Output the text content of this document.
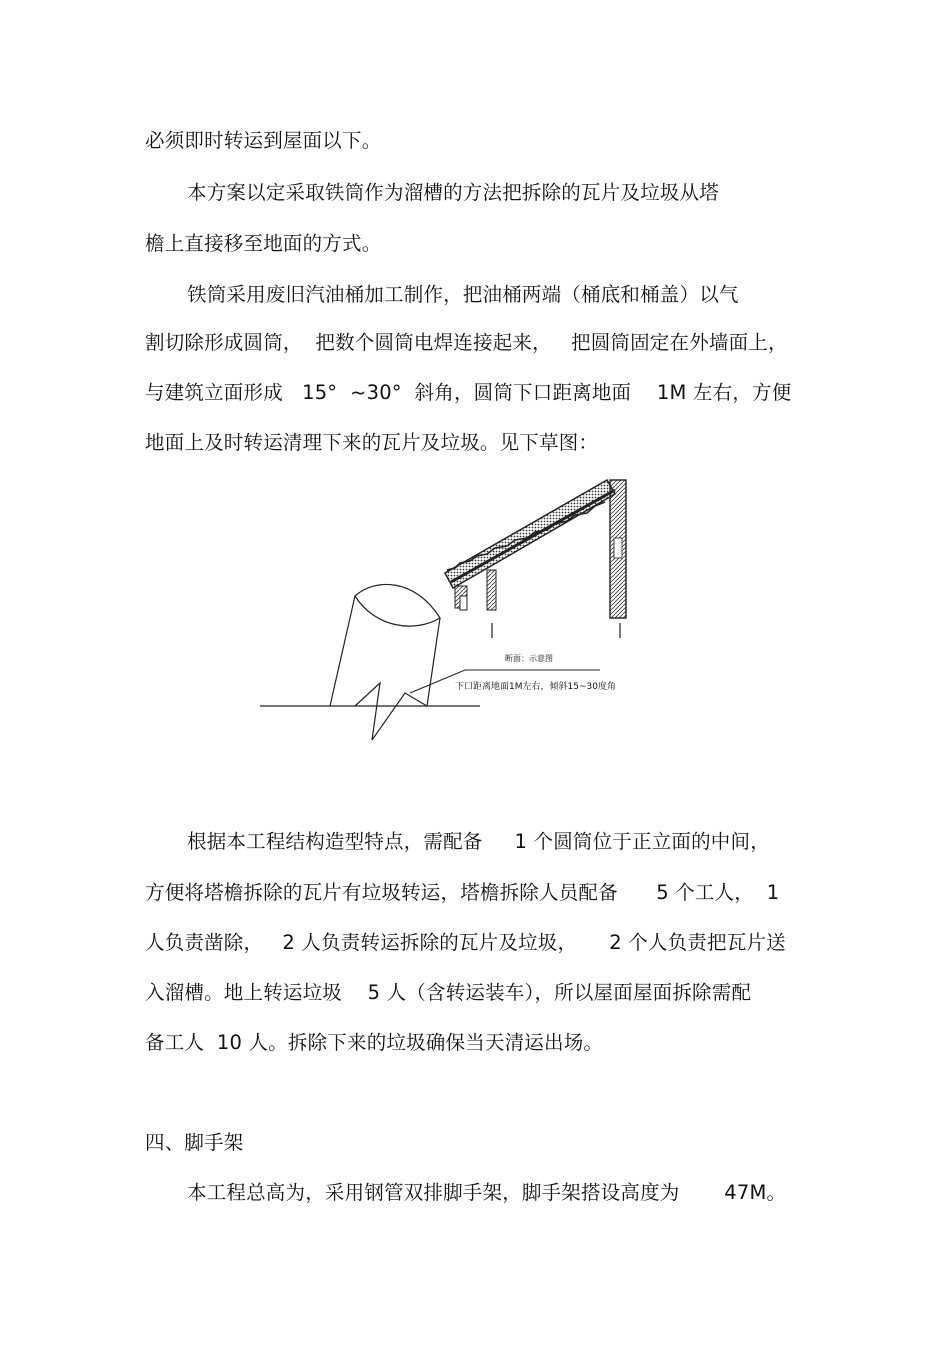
必须即时转运到屋面以下。
本方案以定采取铁筒作为溜槽的方法把拆除的瓦片及垃圾从塔
檐上直接移至地面的方式。
铁筒采用废旧汽油桶加工制作，把油桶两端（桶底和桶盖）以气
割切除形成圆筒，  把数个圆筒电焊连接起来，   把圆筒固定在外墙面上，
与建筑立面形成   15°  ~30°  斜角，圆筒下口距离地面    1M 左右，方便
地面上及时转运清理下来的瓦片及垃圾。见下草图：
断面：示意图
下口距离地面1M左右，倾斜15~30度角
根据本工程结构造型特点，需配备     1 个圆筒位于正立面的中间，
方便将塔檐拆除的瓦片有垃圾转运，塔檐拆除人员配备      5 个工人，  1
人负责凿除，   2 人负责转运拆除的瓦片及垃圾，     2 个人负责把瓦片送
入溜槽。地上转运垃圾    5 人（含转运装车），所以屋面屋面拆除需配
备工人  10 人。拆除下来的垃圾确保当天清运出场。
四、脚手架
本工程总高为，采用钢管双排脚手架，脚手架搭设高度为       47M。
